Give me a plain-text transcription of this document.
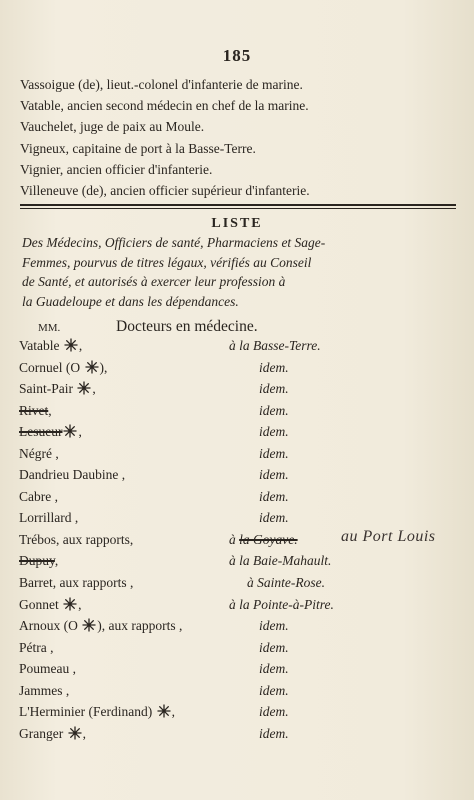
185
Vassoigue (de), lieut.-colonel d'infanterie de marine.
Vatable, ancien second médecin en chef de la marine.
Vauchelet, juge de paix au Moule.
Vigneux, capitaine de port à la Basse-Terre.
Vignier, ancien officier d'infanterie.
Villeneuve (de), ancien officier supérieur d'infanterie.
LISTE
Des Médecins, Officiers de santé, Pharmaciens et Sage-
Femmes, pourvus de titres légaux, vérifiés au Conseil
de Santé, et autorisés à exercer leur profession à
la Guadeloupe et dans les dépendances.
MM.	Docteurs en médecine.
Vatable ,	à la Basse-Terre.
Cornuel (O ),	idem.
Saint-Pair ,	idem.
Rivet,	idem.
Lesueur ,	idem.
Négré ,	idem.
Dandrieu Daubine ,	idem.
Cabre ,	idem.
Lorrillard ,	idem.
Trébos, aux rapports,	à la Goyave.	au Port Louis
Dupuy,	à la Baie-Mahault.
Barret, aux rapports ,	à Sainte-Rose.
Gonnet ,	à la Pointe-à-Pitre.
Arnoux (O ), aux rapports ,	idem.
Pétra ,	idem.
Poumeau ,	idem.
Jammes ,	idem.
L'Herminier (Ferdinand) ,	idem.
Granger ,	idem.
